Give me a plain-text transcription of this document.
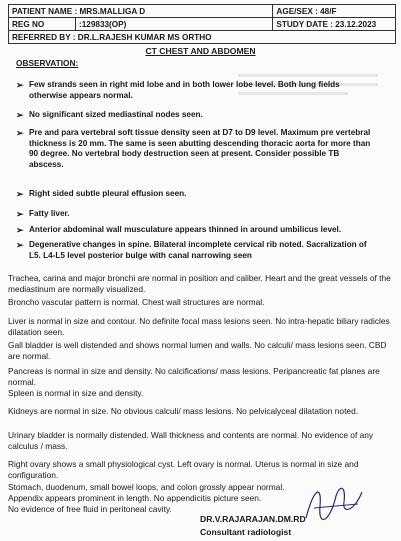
PATIENT NAME : MRS.MALLIGA D		AGE/SEX : 48/F
REG NO	:129833(OP)	STUDY DATE : 23.12.2023
REFERRED BY : DR.L.RAJESH KUMAR MS ORTHO		
CT CHEST AND ABDOMEN
OBSERVATION:
➢ Few strands seen in right mid lobe and in both lower lobe level. Both lung fields otherwise appears normal.
➢ No significant sized mediastinal nodes seen.
➢ Pre and para vertebral soft tissue density seen at D7 to D9 level. Maximum pre vertebral thickness is 20 mm. The same is seen abutting descending thoracic aorta for more than 90 degree. No vertebral body destruction seen at present. Consider possible TB abscess.
➢ Right sided subtle pleural effusion seen.
➢ Fatty liver.
➢ Anterior abdominal wall musculature appears thinned in around umbilicus level.
➢ Degenerative changes in spine. Bilateral incomplete cervical rib noted. Sacralization of L5. L4-L5 level posterior bulge with canal narrowing seen
Trachea, carina and major bronchi are normal in position and caliber. Heart and the great vessels of the mediastinum are normally visualized.
Broncho vascular pattern is normal. Chest wall structures are normal.
Liver is normal in size and contour. No definite focal mass lesions seen. No intra-hepatic biliary radicles dilatation seen.
Gall bladder is well distended and shows normal lumen and walls. No calculi/ mass lesions seen. CBD are normal.
Pancreas is normal in size and density. No calcifications/ mass lesions. Peripancreatic fat planes are normal.
Spleen is normal in size and density.
Kidneys are normal in size. No obvious calculi/ mass lesions. No pelvicalyceal dilatation noted.
Urinary bladder is normally distended. Wall thickness and contents are normal. No evidence of any calculus / mass.
Right ovary shows a small physiological cyst. Left ovary is normal. Uterus is normal in size and configuration.
Stomach, duodenum, small bowel loops, and colon grossly appear normal.
Appendix appears prominent in length. No appendicitis picture seen.
No evidence of free fluid in peritoneal cavity.
DR.V.RAJARAJAN.DM.RD
Consultant radiologist
